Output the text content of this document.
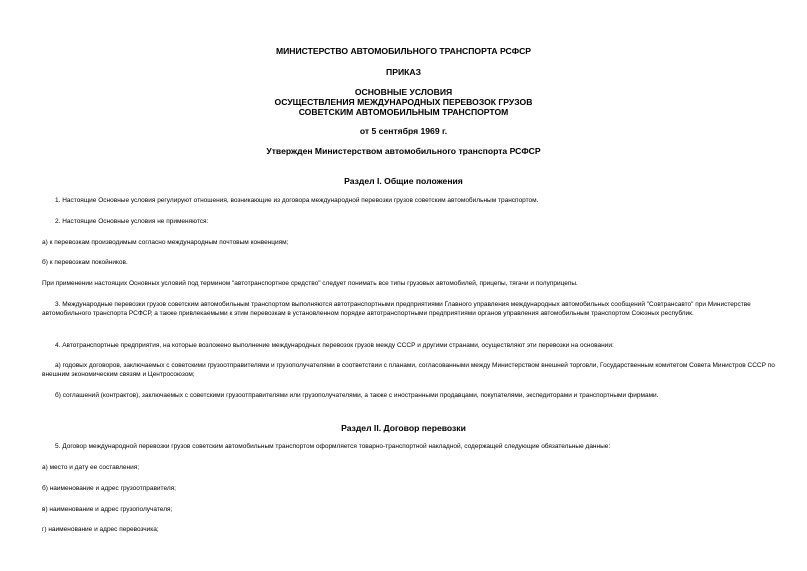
МИНИСТЕРСТВО АВТОМОБИЛЬНОГО ТРАНСПОРТА РСФСР
ПРИКАЗ
ОСНОВНЫЕ УСЛОВИЯ
ОСУЩЕСТВЛЕНИЯ МЕЖДУНАРОДНЫХ ПЕРЕВОЗОК ГРУЗОВ
СОВЕТСКИМ АВТОМОБИЛЬНЫМ ТРАНСПОРТОМ
от 5 сентября 1969 г.
Утвержден Министерством автомобильного транспорта РСФСР
Раздел I. Общие положения
1. Настоящие Основные условия регулируют отношения, возникающие из договора международной перевозки грузов советским автомобильным транспортом.
2. Настоящие Основные условия не применяются:
а) к перевозкам производимым согласно международным почтовым конвенциям;
б) к перевозкам покойников.
При применении настоящих Основных условий под термином "автотранспортное средство" следует понимать все типы грузовых автомобилей, прицепы, тягачи и полуприцепы.
3. Международные перевозки грузов советским автомобильным транспортом выполняются автотранспортными предприятиями Главного управления международных автомобильных сообщений "Совтрансавто" при Министерстве автомобильного транспорта РСФСР, а также привлекаемыми к этим перевозкам в установленном порядке автотранспортными предприятиями органов управления автомобильным транспортом Союзных республик.
4. Автотранспортные предприятия, на которые возложено выполнение международных перевозок грузов между СССР и другими странами, осуществляют эти перевозки на основании:
а) годовых договоров, заключаемых с советскими грузоотправителями и грузополучателями в соответствии с планами, согласованными между Министерством внешней торговли, Государственным комитетом Совета Министров СССР по внешним экономическим связям и Центросоюзом;
б) соглашений (контрактов), заключаемых с советскими грузоотправителями или грузополучателями, а также с иностранными продавцами, покупателями, экспедиторами и транспортными фирмами.
Раздел II. Договор перевозки
5. Договор международной перевозки грузов советским автомобильным транспортом оформляется товарно-транспортной накладной, содержащей следующие обязательные данные:
а) место и дату ее составления;
б) наименование и адрес грузоотправителя;
в) наименование и адрес грузополучателя;
г) наименование и адрес перевозчика;
